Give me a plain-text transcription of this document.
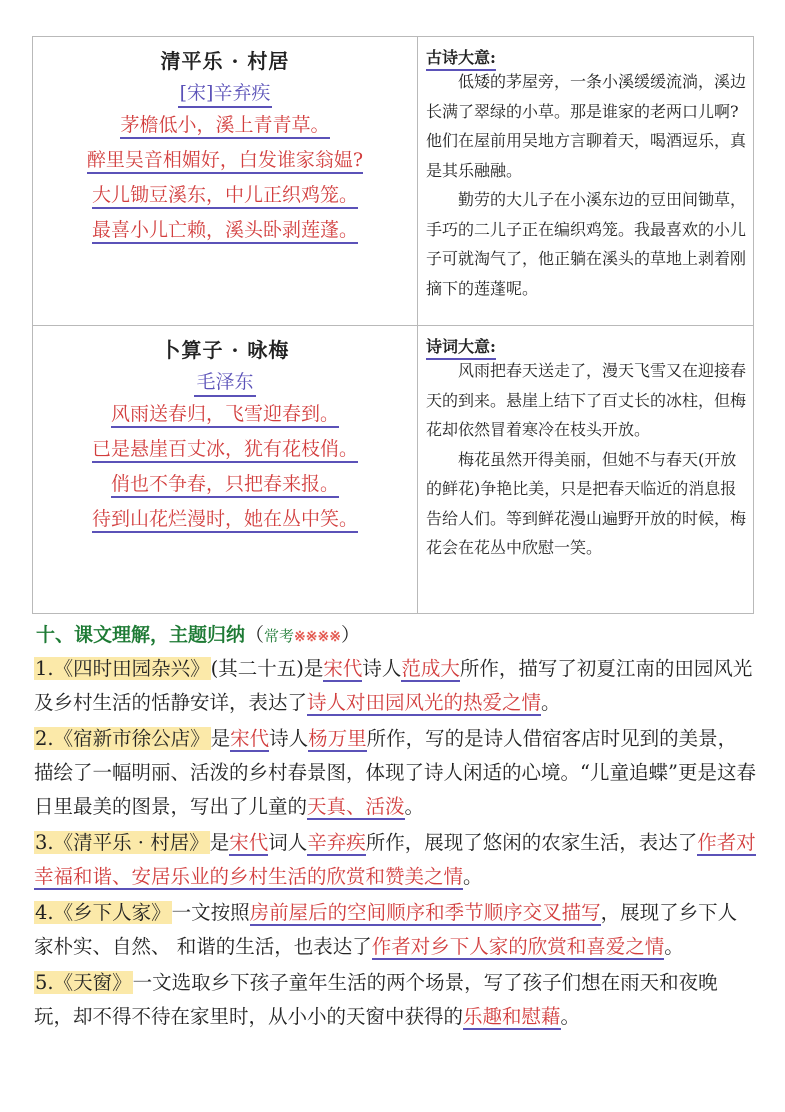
清平乐 · 村居
[宋]辛弃疾
茅檐低小，溪上青青草。
醉里吴音相媚好，白发谁家翁媪?
大儿锄豆溪东，中儿正织鸡笼。
最喜小儿亡赖，溪头卧剥莲蓬。
古诗大意:

低矮的茅屋旁，一条小溪缓缓流淌，溪边长满了翠绿的小草。那是谁家的老两口儿啊?他们在屋前用吴地方言聊着天，喝酒逗乐，真是其乐融融。

勤劳的大儿子在小溪东边的豆田间锄草，手巧的二儿子正在编织鸡笼。我最喜欢的小儿子可就淘气了，他正躺在溪头的草地上剥着刚摘下的莲蓬呢。

卜算子 · 咏梅
毛泽东
风雨送春归，飞雪迎春到。
已是悬崖百丈冰，犹有花枝俏。
俏也不争春，只把春来报。
待到山花烂漫时，她在丛中笑。
诗词大意:

风雨把春天送走了，漫天飞雪又在迎接春天的到来。悬崖上结下了百丈长的冰柱，但梅花却依然冒着寒冷在枝头开放。

梅花虽然开得美丽，但她不与春天(开放的鲜花)争艳比美，只是把春天临近的消息报告给人们。等到鲜花漫山遍野开放的时候，梅花会在花丛中欣慰一笑。

十、课文理解，主题归纳（常考※※※※）
1.《四时田园杂兴》(其二十五)是宋代诗人范成大所作，描写了初夏江南的田园风光及乡村生活的恬静安详，表达了诗人对田园风光的热爱之情。
2.《宿新市徐公店》是宋代诗人杨万里所作，写的是诗人借宿客店时见到的美景，描绘了一幅明丽、活泼的乡村春景图，体现了诗人闲适的心境。“儿童追蝶”更是这春日里最美的图景，写出了儿童的天真、活泼。
3.《清平乐 · 村居》是宋代词人辛弃疾所作，展现了悠闲的农家生活，表达了作者对幸福和谐、安居乐业的乡村生活的欣赏和赞美之情。
4.《乡下人家》一文按照房前屋后的空间顺序和季节顺序交叉描写，展现了乡下人家朴实、自然、 和谐的生活，也表达了作者对乡下人家的欣赏和喜爱之情。
5.《天窗》一文选取乡下孩子童年生活的两个场景，写了孩子们想在雨天和夜晚玩，却不得不待在家里时，从小小的天窗中获得的乐趣和慰藉。
